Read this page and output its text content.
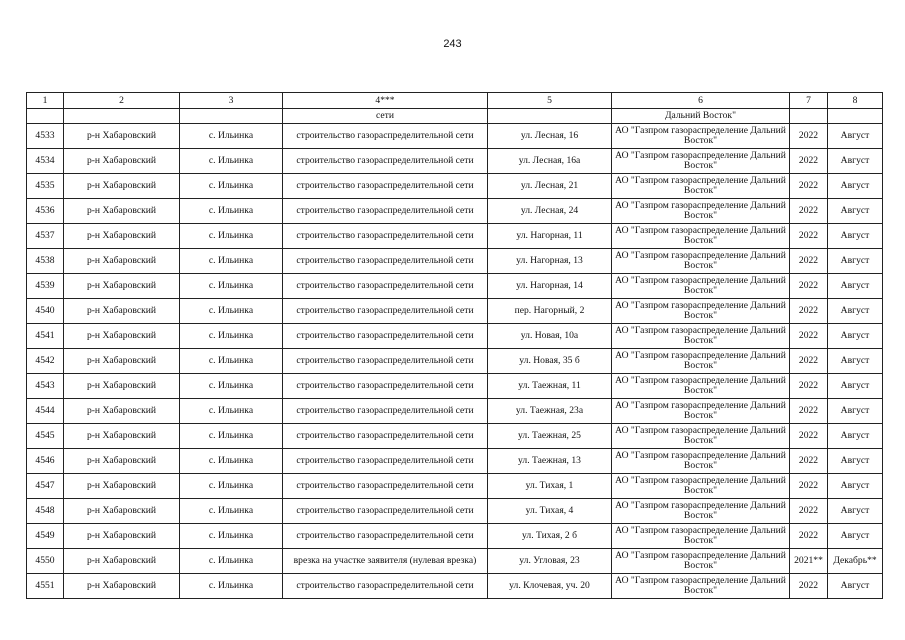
243
1	2	3	4***	5	6	7	8
			сети		Дальний Восток"		
4533	р-н Хабаровский	с. Ильинка	строительство газораспределительной сети	ул. Лесная, 16	АО "Газпром газораспределение Дальний Восток"	2022	Август
4534	р-н Хабаровский	с. Ильинка	строительство газораспределительной сети	ул. Лесная, 16а	АО "Газпром газораспределение Дальний Восток"	2022	Август
4535	р-н Хабаровский	с. Ильинка	строительство газораспределительной сети	ул. Лесная, 21	АО "Газпром газораспределение Дальний Восток"	2022	Август
4536	р-н Хабаровский	с. Ильинка	строительство газораспределительной сети	ул. Лесная, 24	АО "Газпром газораспределение Дальний Восток"	2022	Август
4537	р-н Хабаровский	с. Ильинка	строительство газораспределительной сети	ул. Нагорная, 11	АО "Газпром газораспределение Дальний Восток"	2022	Август
4538	р-н Хабаровский	с. Ильинка	строительство газораспределительной сети	ул. Нагорная, 13	АО "Газпром газораспределение Дальний Восток"	2022	Август
4539	р-н Хабаровский	с. Ильинка	строительство газораспределительной сети	ул. Нагорная, 14	АО "Газпром газораспределение Дальний Восток"	2022	Август
4540	р-н Хабаровский	с. Ильинка	строительство газораспределительной сети	пер. Нагорный, 2	АО "Газпром газораспределение Дальний Восток"	2022	Август
4541	р-н Хабаровский	с. Ильинка	строительство газораспределительной сети	ул. Новая, 10а	АО "Газпром газораспределение Дальний Восток"	2022	Август
4542	р-н Хабаровский	с. Ильинка	строительство газораспределительной сети	ул. Новая, 35 б	АО "Газпром газораспределение Дальний Восток"	2022	Август
4543	р-н Хабаровский	с. Ильинка	строительство газораспределительной сети	ул. Таежная, 11	АО "Газпром газораспределение Дальний Восток"	2022	Август
4544	р-н Хабаровский	с. Ильинка	строительство газораспределительной сети	ул. Таежная, 23а	АО "Газпром газораспределение Дальний Восток"	2022	Август
4545	р-н Хабаровский	с. Ильинка	строительство газораспределительной сети	ул. Таежная, 25	АО "Газпром газораспределение Дальний Восток"	2022	Август
4546	р-н Хабаровский	с. Ильинка	строительство газораспределительной сети	ул. Таежная, 13	АО "Газпром газораспределение Дальний Восток"	2022	Август
4547	р-н Хабаровский	с. Ильинка	строительство газораспределительной сети	ул. Тихая, 1	АО "Газпром газораспределение Дальний Восток"	2022	Август
4548	р-н Хабаровский	с. Ильинка	строительство газораспределительной сети	ул. Тихая, 4	АО "Газпром газораспределение Дальний Восток"	2022	Август
4549	р-н Хабаровский	с. Ильинка	строительство газораспределительной сети	ул. Тихая, 2 б	АО "Газпром газораспределение Дальний Восток"	2022	Август
4550	р-н Хабаровский	с. Ильинка	врезка на участке заявителя (нулевая врезка)	ул. Угловая, 23	АО "Газпром газораспределение Дальний Восток"	2021**	Декабрь**
4551	р-н Хабаровский	с. Ильинка	строительство газораспределительной сети	ул. Клочевая, уч. 20	АО "Газпром газораспределение Дальний Восток"	2022	Август
